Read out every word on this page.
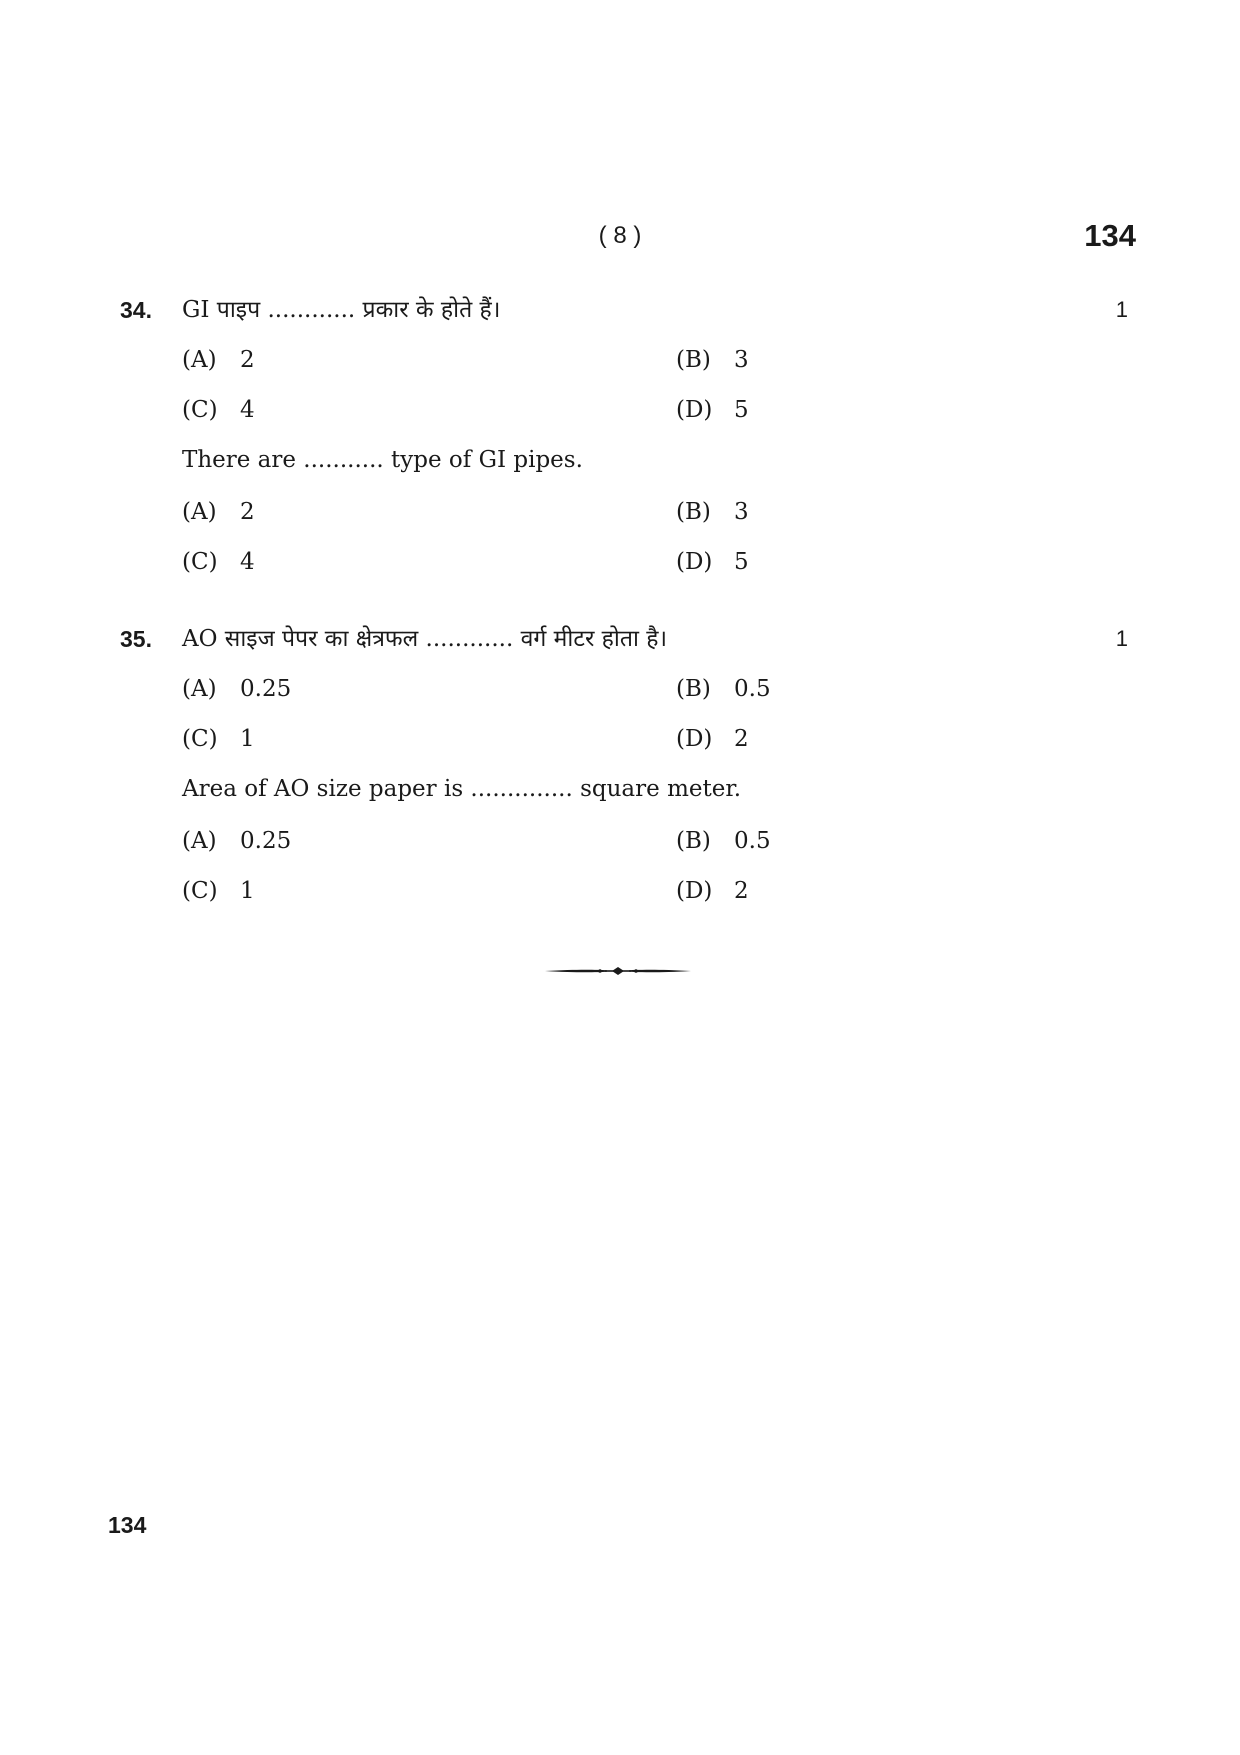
( 8 )	134
34. GI पाइप ............ प्रकार के होते हैं।	1
(A) 2	(B) 3
(C) 4	(D) 5
There are ........... type of GI pipes.
(A) 2	(B) 3
(C) 4	(D) 5
35. AO साइज पेपर का क्षेत्रफल ............ वर्ग मीटर होता है।	1
(A) 0.25	(B) 0.5
(C) 1	(D) 2
Area of AO size paper is .............. square meter.
(A) 0.25	(B) 0.5
(C) 1	(D) 2
134
